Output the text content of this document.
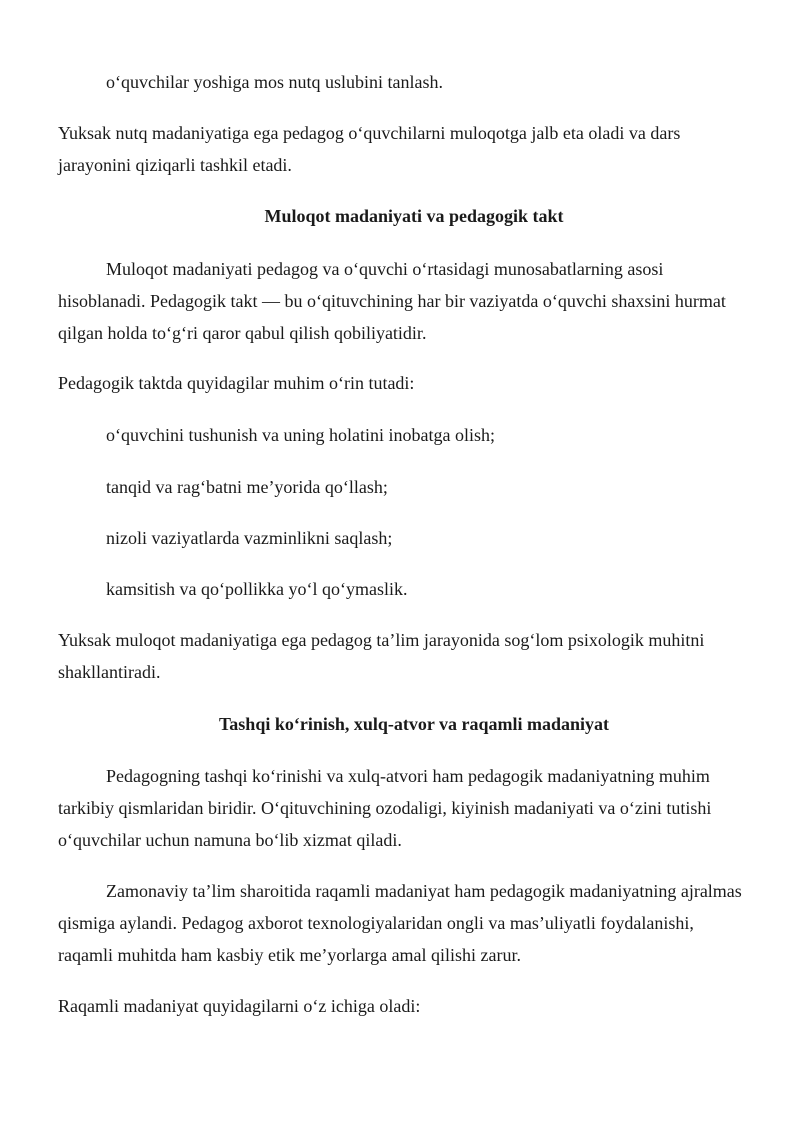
oʻquvchilar yoshiga mos nutq uslubini tanlash.

Yuksak nutq madaniyatiga ega pedagog oʻquvchilarni muloqotga jalb eta oladi va dars
jarayonini qiziqarli tashkil etadi.

Muloqot madaniyati va pedagogik takt

Muloqot madaniyati pedagog va oʻquvchi oʻrtasidagi munosabatlarning asosi
hisoblanadi. Pedagogik takt — bu oʻqituvchining har bir vaziyatda oʻquvchi shaxsini hurmat
qilgan holda toʻgʻri qaror qabul qilish qobiliyatidir.

Pedagogik taktda quyidagilar muhim oʻrin tutadi:

oʻquvchini tushunish va uning holatini inobatga olish;

tanqid va ragʻbatni meʼyorida qoʻllash;

nizoli vaziyatlarda vazminlikni saqlash;

kamsitish va qoʻpollikka yoʻl qoʻymaslik.

Yuksak muloqot madaniyatiga ega pedagog taʼlim jarayonida sogʻlom psixologik muhitni
shakllantiradi.

Tashqi koʻrinish, xulq-atvor va raqamli madaniyat

Pedagogning tashqi koʻrinishi va xulq-atvori ham pedagogik madaniyatning muhim
tarkibiy qismlaridan biridir. Oʻqituvchining ozodaligi, kiyinish madaniyati va oʻzini tutishi
oʻquvchilar uchun namuna boʻlib xizmat qiladi.

Zamonaviy taʼlim sharoitida raqamli madaniyat ham pedagogik madaniyatning ajralmas
qismiga aylandi. Pedagog axborot texnologiyalaridan ongli va masʼuliyatli foydalanishi,
raqamli muhitda ham kasbiy etik meʼyorlarga amal qilishi zarur.

Raqamli madaniyat quyidagilarni oʻz ichiga oladi:
